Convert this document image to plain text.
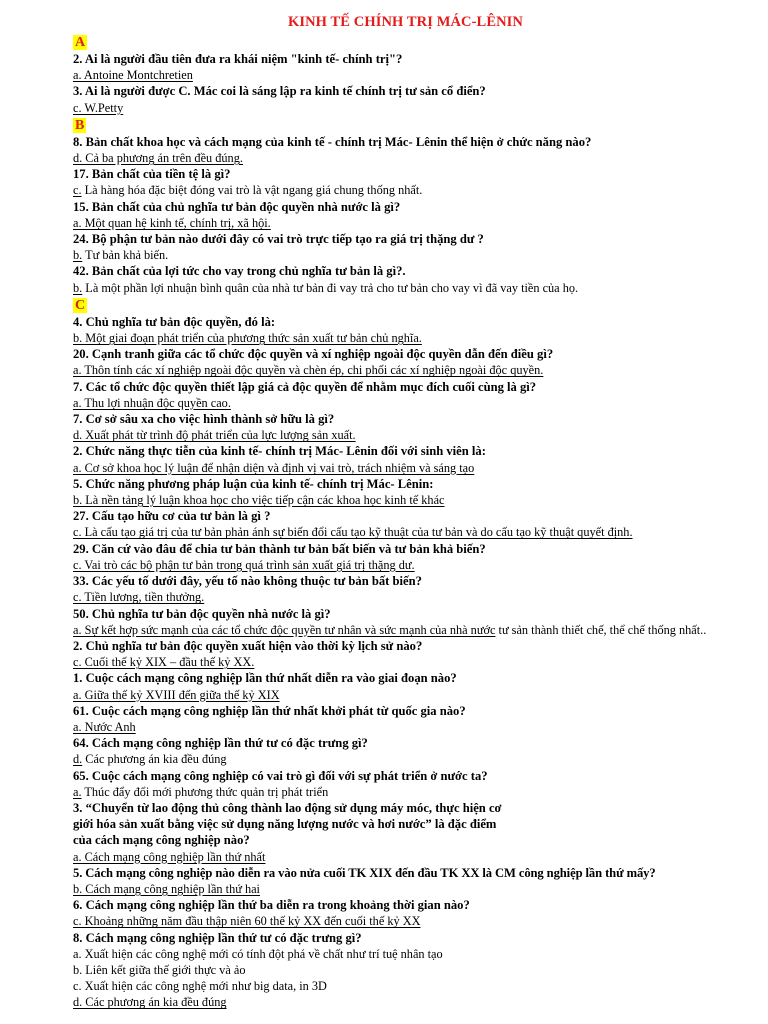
KINH TẾ CHÍNH TRỊ MÁC-LÊNIN
A
2. Ai là người đầu tiên đưa ra khái niệm "kinh tế- chính trị"?
a. Antoine Montchretien
3. Ai là người được C. Mác coi là sáng lập ra kinh tế chính trị tư sản cổ điển?
c. W.Petty
B
8. Bản chất khoa học và cách mạng của kinh tế - chính trị Mác- Lênin thể hiện ở chức năng nào?
d. Cả ba phương án trên đều đúng.
17. Bản chất của tiền tệ là gì?
c. Là hàng hóa đặc biệt đóng vai trò là vật ngang giá chung thống nhất.
15. Bản chất của chủ nghĩa tư bản độc quyền nhà nước là gì?
a. Một quan hệ kinh tế, chính trị, xã hội.
24. Bộ phận tư bản nào dưới đây có vai trò trực tiếp tạo ra giá trị thặng dư ?
b. Tư bản khả biến.
42. Bản chất của lợi tức cho vay trong chủ nghĩa tư bản là gì?.
b. Là một phần lợi nhuận bình quân của nhà tư bản đi vay trả cho tư bản cho vay vì đã vay tiền của họ.
C
4. Chủ nghĩa tư bản độc quyền, đó là:
b. Một giai đoạn phát triển của phương thức sản xuất tư bản chủ nghĩa.
20. Cạnh tranh giữa các tổ chức độc quyền và xí nghiệp ngoài độc quyền dẫn đến điều gì?
a. Thôn tính các xí nghiệp ngoài độc quyền và chèn ép, chi phối các xí nghiệp ngoài độc quyền.
7. Các tổ chức độc quyền thiết lập giá cả độc quyền để nhằm mục đích cuối cùng là gì?
a. Thu lợi nhuận độc quyền cao.
7. Cơ sở sâu xa cho việc hình thành sở hữu là gì?
d. Xuất phát từ trình độ phát triển của lực lượng sản xuất.
2. Chức năng thực tiễn của kinh tế- chính trị Mác- Lênin đối với sinh viên là:
a. Cơ sở khoa học lý luận để nhận diện và định vị vai trò, trách nhiệm và sáng tạo
5. Chức năng phương pháp luận của kinh tế- chính trị Mác- Lênin:
b. Là nền tảng lý luận khoa học cho việc tiếp cận các khoa học kinh tế khác
27. Cấu tạo hữu cơ của tư bản là gì ?
c. Là cấu tạo giá trị của tư bản phản ánh sự biến đổi cấu tạo kỹ thuật của tư bản và do cấu tạo kỹ thuật quyết định.
29. Căn cứ vào đâu để chia tư bản thành tư bản bất biến và tư bản khả biến?
c. Vai trò các bộ phận tư bản trong quá trình sản xuất giá trị thặng dư.
33. Các yếu tố dưới đây, yếu tố nào không thuộc tư bản bất biến?
c. Tiền lương, tiền thưởng.
50. Chủ nghĩa tư bản độc quyền nhà nước là gì?
a. Sự kết hợp sức mạnh của các tổ chức độc quyền tư nhân và sức mạnh của nhà nước tư sản thành thiết chế, thể chế thống nhất..
2. Chủ nghĩa tư bản độc quyền xuất hiện vào thời kỳ lịch sử nào?
c. Cuối thế kỷ XIX – đầu thế kỷ XX.
1. Cuộc cách mạng công nghiệp lần thứ nhất diễn ra vào giai đoạn nào?
a. Giữa thế kỷ XVIII đến giữa thế kỷ XIX
61. Cuộc cách mạng công nghiệp lần thứ nhất khởi phát từ quốc gia nào?
a. Nước Anh
64. Cách mạng công nghiệp lần thứ tư có đặc trưng gì?
d. Các phương án kia đều đúng
65. Cuộc cách mạng công nghiệp có vai trò gì đối với sự phát triển ở nước ta?
a. Thúc đẩy đổi mới phương thức quản trị phát triển
3. “Chuyển từ lao động thủ công thành lao động sử dụng máy móc, thực hiện cơ giới hóa sản xuất bằng việc sử dụng năng lượng nước và hơi nước” là đặc điểm của cách mạng công nghiệp nào?
a. Cách mạng công nghiệp lần thứ nhất
5. Cách mạng công nghiệp nào diễn ra vào nửa cuối TK XIX đến đầu TK XX là CM công nghiệp lần thứ mấy?
b. Cách mạng công nghiệp lần thứ hai
6. Cách mạng công nghiệp lần thứ ba diễn ra trong khoảng thời gian nào?
c. Khoảng những năm đầu thập niên 60 thế kỷ XX đến cuối thế kỷ XX
8. Cách mạng công nghiệp lần thứ tư có đặc trưng gì?
a. Xuất hiện các công nghệ mới có tính đột phá về chất như trí tuệ nhân tạo
b. Liên kết giữa thế giới thực và ảo
c. Xuất hiện các công nghệ mới như big data, in 3D
d. Các phương án kia đều đúng
